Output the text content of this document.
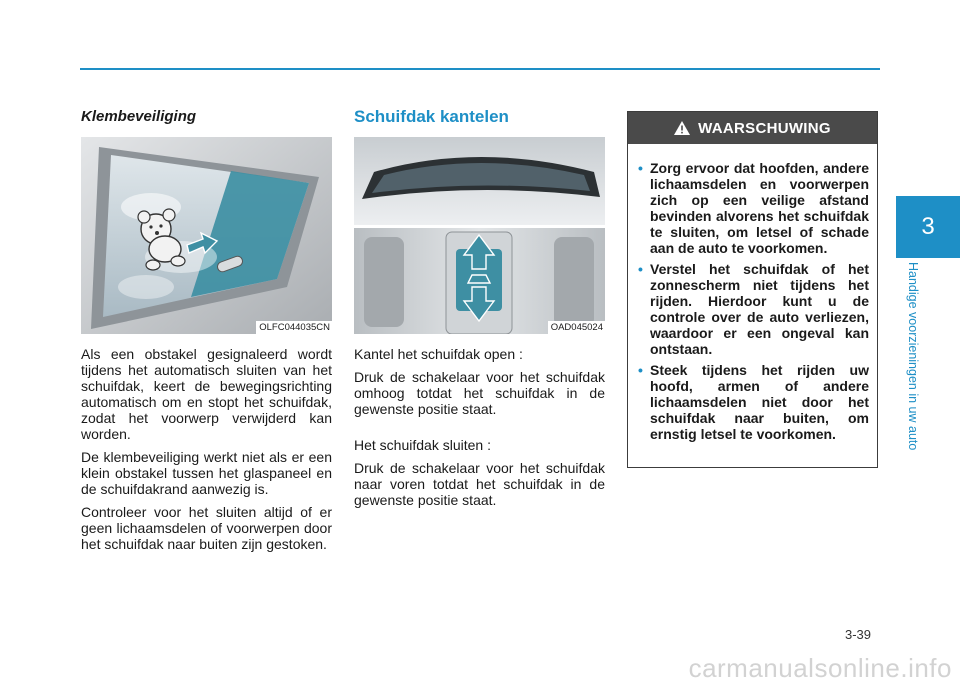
Klembeveiliging
OLFC044035CN

Als een obstakel gesignaleerd wordt tijdens het automatisch sluiten van het schuifdak, keert de bewegingsrichting automatisch om en stopt het schuifdak, zodat het voorwerp verwijderd kan worden.

De klembeveiliging werkt niet als er een klein obstakel tussen het glaspaneel en de schuifdakrand aanwezig is.

Controleer voor het sluiten altijd of er geen lichaamsdelen of voorwerpen door het schuifdak naar buiten zijn gestoken.

Schuifdak kantelen
OAD045024

Kantel het schuifdak open :

Druk de schakelaar voor het schuifdak omhoog totdat het schuifdak in de gewenste positie staat.

Het schuifdak sluiten :

Druk de schakelaar voor het schuifdak naar voren totdat het schuifdak in de gewenste positie staat.

WAARSCHUWING
• Zorg ervoor dat hoofden, andere lichaamsdelen en voorwerpen zich op een veilige afstand bevinden alvorens het schuifdak te sluiten, om letsel of schade aan de auto te voorkomen.
• Verstel het schuifdak of het zonnescherm niet tijdens het rijden. Hierdoor kunt u de controle over de auto verliezen, waardoor er een ongeval kan ontstaan.
• Steek tijdens het rijden uw hoofd, armen of andere lichaamsdelen niet door het schuifdak naar buiten, om ernstig letsel te voorkomen.
3
Handige voorzieningen in uw auto
3-39
carmanualsonline.info
